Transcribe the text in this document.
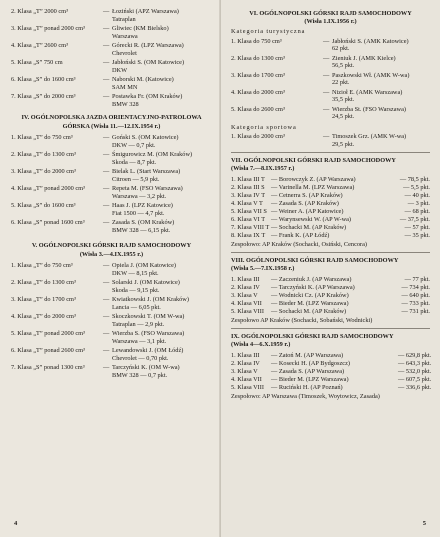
2. Klasa „T” 2000 cm³	— Łoziński (APZ Warszawa)
Tatraplan
3. Klasa „T” ponad 2000 cm³	— Gliwiec (KM Bielsko)
Warszawa
4. Klasa „T” 2600 cm³	— Górecki R. (LPZ Warszawa)
Chevrolet
5. Klasa „S” 750 cm	— Jabłoński S. (OM Katowice)
DKW
6. Klasa „S” do 1600 cm³	— Naborski M. (Katowice)
SAM MN
7. Klasa „S” do 2000 cm³	— Postawka Fr. (OM Kraków)
BMW 328
IV. OGÓLNOPOLSKA JAZDA ORIENTACYJNO-PATROLOWA
GÓRSKA (Wisła 11.—12.IX.1954 r.)
1. Klasa „T” do 750 cm³	— Goński S. (OM Katowice)
DKW — 0,7 pkt.
2. Klasa „T” do 1300 cm³	— Śmigurowicz M. (OM Kraków)
Skoda — 8,7 pkt.
3. Klasa „T” do 2000 cm³	— Bielak L. (Start Warszawa)
Citroen — 5,9 pkt.
4. Klasa „T” ponad 2000 cm³	— Repeta M. (FSO Warszawa)
Warszawa — 3,2 pkt.
5. Klasa „S” do 1600 cm³	— Haas J. (LPZ Katowice)
Fiat 1500 — 4,7 pkt.
6. Klasa „S” ponad 1600 cm³	— Zasada S. (OM Kraków)
BMW 328 — 6,15 pkt.
V. OGÓLNOPOLSKI GÓRSKI RAJD SAMOCHODOWY
(Wisła 3.—4.IX.1955 r.)
1. Klasa „T” do 750 cm³	— Opiela J. (OM Katowice)
DKW — 8,15 pkt.
2. Klasa „T” do 1300 cm³	— Solarski J. (OM Katowice)
Skoda — 9,15 pkt.
3. Klasa „T” do 1700 cm³	— Kwiatkowski J. (OM Kraków)
Lancia — 6,05 pkt.
4. Klasa „T” do 2000 cm³	— Skoczkowski T. (OM W-wa)
Tatraplan — 2,9 pkt.
5. Klasa „T” ponad 2000 cm³	— Wierzba S. (FSO Warszawa)
Warszawa — 3,1 pkt.
6. Klasa „T” ponad 2600 cm³	— Lewandowski J. (OM Łódź)
Chevrolet — 0,70 pkt.
7. Klasa „S” ponad 1300 cm³	— Tarczyński K. (OM W-wa)
BMW 328 — 0,7 pkt.
4
VI. OGÓLNOPOLSKI GÓRSKI RAJD SAMOCHODOWY
(Wisła 1.IX.1956 r.)
Kategoria turystyczna
1. Klasa do 750 cm³	— Jabłoński S. (AMK Katowice)
62 pkt.
2. Klasa do 1300 cm³	— Zieniuk J. (AMK Kielce)
56,5 pkt.
3. Klasa do 1700 cm³	— Paszkowski Wł. (AMK W-wa)
22 pkt.
4. Klasa do 2000 cm³	— Nizioł E. (AMK Warszawa)
35,5 pkt.
5. Klasa do 2600 cm³	— Wierzba St. (FSO Warszawa)
24,5 pkt.
Kategoria sportowa
1. Klasa do 2000 cm³	— Timoszek Grz. (AMK W-wa)
29,5 pkt.
VII. OGÓLNOPOLSKI GÓRSKI RAJD SAMOCHODOWY
(Wisła 7.—8.IX.1957 r.)
1. Klasa III T — Borowczyk Z. (AP Warszawa)	— 78,5 pkt.
2. Klasa III S	— Varinella M. (LPZ Warszawa)	— 5,5 pkt.
3. Klasa IV T — Cetnerra S. (AP Kraków)	— 40 pkt.
4. Klasa V T	— Zasada S. (AP Kraków)	— 3 pkt.
5. Klasa VII S — Weiner A. (AP Katowice)	— 68 pkt.
6. Klasa VI T — Warynsewski W. (AP W-wa)	— 37,5 pkt.
7. Klasa VIII T — Sochacki M. (AP Kraków)	— 57 pkt.
8. Klasa IX T — Frank K. (AP Łódź)	— 35 pkt.
Zespołowo: AP Kraków (Sochacki, Osiński, Cencora)
VIII. OGÓLNOPOLSKI GÓRSKI RAJD SAMOCHODOWY
(Wisła 5.—7.IX.1958 r.)
1. Klasa III	— Zaczeniuk J. (AP Warszawa)	— 77 pkt.
2. Klasa IV	— Tarczyński K. (AP Warszawa)	— 734 pkt.
3. Klasa V	— Wodnicki Cz. (AP Kraków)	— 640 pkt.
4. Klasa VII	— Bieder M. (LPZ Warszawa)	— 733 pkt.
5. Klasa VIII	— Sochacki M. (AP Kraków)	— 731 pkt.
Zespołowo AP Kraków (Sochacki, Sobański, Wodnicki)
IX. OGÓLNOPOLSKI GÓRSKI RAJD SAMOCHODOWY
(Wisła 4—6.X.1959 r.)
1. Klasa III	— Zatoń M. (AP Warszawa)	— 629,8 pkt.
2. Klasa IV	— Kosecki H. (AP Bydgoszcz)	— 643,3 pkt.
3. Klasa V	— Zasada S. (AP Warszawa)	— 532,0 pkt.
4. Klasa VII	— Bieder M. (LPZ Warszawa)	— 607,5 pkt.
5. Klasa VIII	— Ruciński H. (AP Poznań)	— 336,6 pkt.
Zespołowo: AP Warszawa (Timoszek, Woytowicz, Zasada)
5
